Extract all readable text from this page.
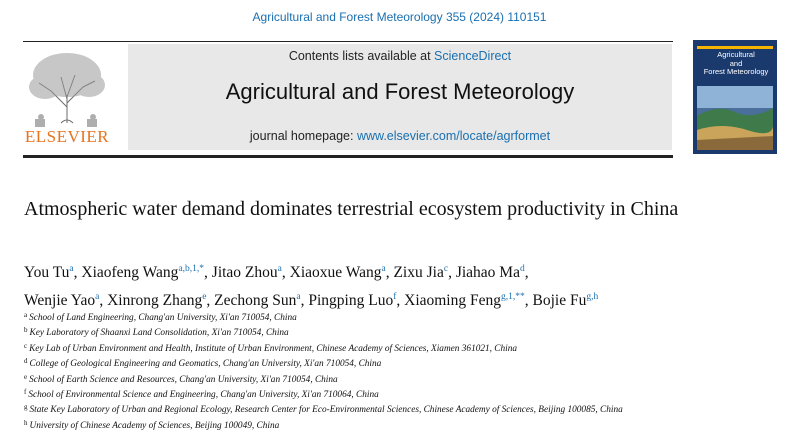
Agricultural and Forest Meteorology 355 (2024) 110151
ELSEVIER
Contents lists available at ScienceDirect
Agricultural and Forest Meteorology
journal homepage: www.elsevier.com/locate/agrformet
Agricultural
and
Forest Meteorology
Atmospheric water demand dominates terrestrial ecosystem productivity in China
You Tu$^a$, Xiaofeng Wang$^{a,b,1,*}$, Jitao Zhou$^a$, Xiaoxue Wang$^a$, Zixu Jia$^c$, Jiahao Ma$^d$,
Wenjie Yao$^a$, Xinrong Zhang$^e$, Zechong Sun$^a$, Pingping Luo$^f$, Xiaoming Feng$^{g,1,**}$, Bojie Fu$^{g,h}$
$^a$ School of Land Engineering, Chang'an University, Xi'an 710054, China
$^b$ Key Laboratory of Shaanxi Land Consolidation, Xi'an 710054, China
$^c$ Key Lab of Urban Environment and Health, Institute of Urban Environment, Chinese Academy of Sciences, Xiamen 361021, China
$^d$ College of Geological Engineering and Geomatics, Chang'an University, Xi'an 710054, China
$^e$ School of Earth Science and Resources, Chang'an University, Xi'an 710054, China
$^f$ School of Environmental Science and Engineering, Chang'an University, Xi'an 710064, China
$^g$ State Key Laboratory of Urban and Regional Ecology, Research Center for Eco-Environmental Sciences, Chinese Academy of Sciences, Beijing 100085, China
$^h$ University of Chinese Academy of Sciences, Beijing 100049, China
